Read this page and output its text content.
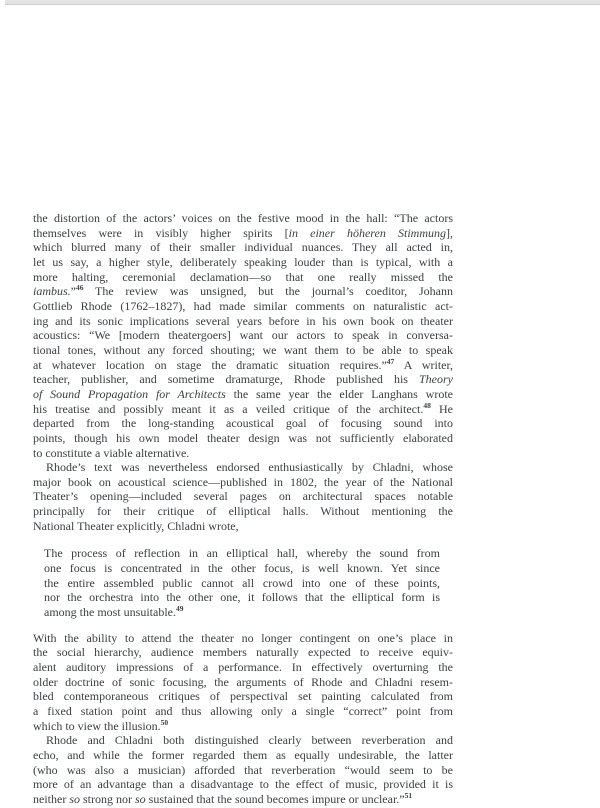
the distortion of the actors’ voices on the festive mood in the hall: “The actors
themselves were in visibly higher spirits [in einer höheren Stimmung],
which blurred many of their smaller individual nuances. They all acted in,
let us say, a higher style, deliberately speaking louder than is typical, with a
more halting, ceremonial declamation—so that one really missed the
iambus.”$^{46}$ The review was unsigned, but the journal’s coeditor, Johann
Gottlieb Rhode (1762–1827), had made similar comments on naturalistic act-
ing and its sonic implications several years before in his own book on theater
acoustics: “We [modern theatergoers] want our actors to speak in conversa-
tional tones, without any forced shouting; we want them to be able to speak
at whatever location on stage the dramatic situation requires.”$^{47}$ A writer,
teacher, publisher, and sometime dramaturge, Rhode published his Theory
of Sound Propagation for Architects the same year the elder Langhans wrote
his treatise and possibly meant it as a veiled critique of the architect.$^{48}$ He
departed from the long-standing acoustical goal of focusing sound into
points, though his own model theater design was not sufficiently elaborated
to constitute a viable alternative.
Rhode’s text was nevertheless endorsed enthusiastically by Chladni, whose
major book on acoustical science—published in 1802, the year of the National
Theater’s opening—included several pages on architectural spaces notable
principally for their critique of elliptical halls. Without mentioning the
National Theater explicitly, Chladni wrote,
The process of reflection in an elliptical hall, whereby the sound from
one focus is concentrated in the other focus, is well known. Yet since
the entire assembled public cannot all crowd into one of these points,
nor the orchestra into the other one, it follows that the elliptical form is
among the most unsuitable.$^{49}$
With the ability to attend the theater no longer contingent on one’s place in
the social hierarchy, audience members naturally expected to receive equiv-
alent auditory impressions of a performance. In effectively overturning the
older doctrine of sonic focusing, the arguments of Rhode and Chladni resem-
bled contemporaneous critiques of perspectival set painting calculated from
a fixed station point and thus allowing only a single “correct” point from
which to view the illusion.$^{50}$
Rhode and Chladni both distinguished clearly between reverberation and
echo, and while the former regarded them as equally undesirable, the latter
(who was also a musician) afforded that reverberation “would seem to be
more of an advantage than a disadvantage to the effect of music, provided it is
neither so strong nor so sustained that the sound becomes impure or unclear.”$^{51}$
